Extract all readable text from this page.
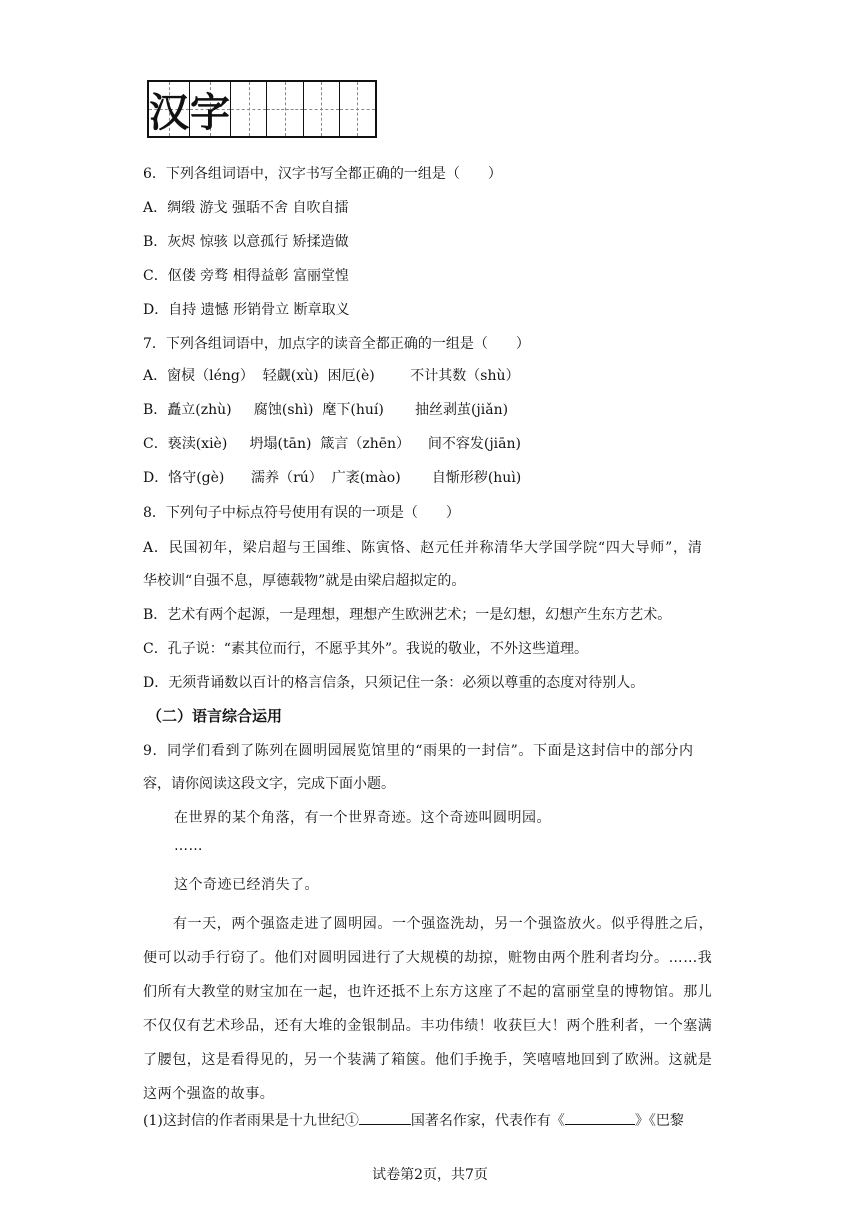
汉 字
6．下列各组词语中，汉字书写全都正确的一组是（　　）
A．绸缎 游戈 强聒不舍 自吹自擂
B．灰烬 惊骇 以意孤行 矫揉造做
C．伛偻 旁骛 相得益彰 富丽堂惶
D．自持 遗憾 形销骨立 断章取义
7．下列各组词语中，加点字的读音全都正确的一组是（　　）
A．窗棂（léng）  轻觑(xù)  困厄(è)        不计其数（shù）
B．矗立(zhù)     腐蚀(shì)  麾下(huí)       抽丝剥茧(jiǎn)
C．亵渎(xiè)     坍塌(tān)  箴言（zhēn）    间不容发(jiān)
D．恪守(gè)      濡养（rú）  广袤(mào)       自惭形秽(huì)
8．下列句子中标点符号使用有误的一项是（　　）
A．民国初年，梁启超与王国维、陈寅恪、赵元任并称清华大学国学院“四大导师”，清
华校训“自强不息，厚德载物”就是由梁启超拟定的。
B．艺术有两个起源，一是理想，理想产生欧洲艺术；一是幻想，幻想产生东方艺术。
C．孔子说：“素其位而行，不愿乎其外”。我说的敬业，不外这些道理。
D．无须背诵数以百计的格言信条，只须记住一条：必须以尊重的态度对待别人。
（二）语言综合运用
9．同学们看到了陈列在圆明园展览馆里的“雨果的一封信”。下面是这封信中的部分内
容，请你阅读这段文字，完成下面小题。
在世界的某个角落，有一个世界奇迹。这个奇迹叫圆明园。
……
这个奇迹已经消失了。
有一天，两个强盗走进了圆明园。一个强盗洗劫，另一个强盗放火。似乎得胜之后，便可以动手行窃了。他们对圆明园进行了大规模的劫掠，赃物由两个胜利者均分。……我们所有大教堂的财宝加在一起，也许还抵不上东方这座了不起的富丽堂皇的博物馆。那儿不仅仅有艺术珍品，还有大堆的金银制品。丰功伟绩！收获巨大！两个胜利者，一个塞满了腰包，这是看得见的，另一个装满了箱箧。他们手挽手，笑嘻嘻地回到了欧洲。这就是这两个强盗的故事。
(1)这封信的作者雨果是十九世纪①	国著名作家，代表作有《	》《巴黎
试卷第2页，共7页
